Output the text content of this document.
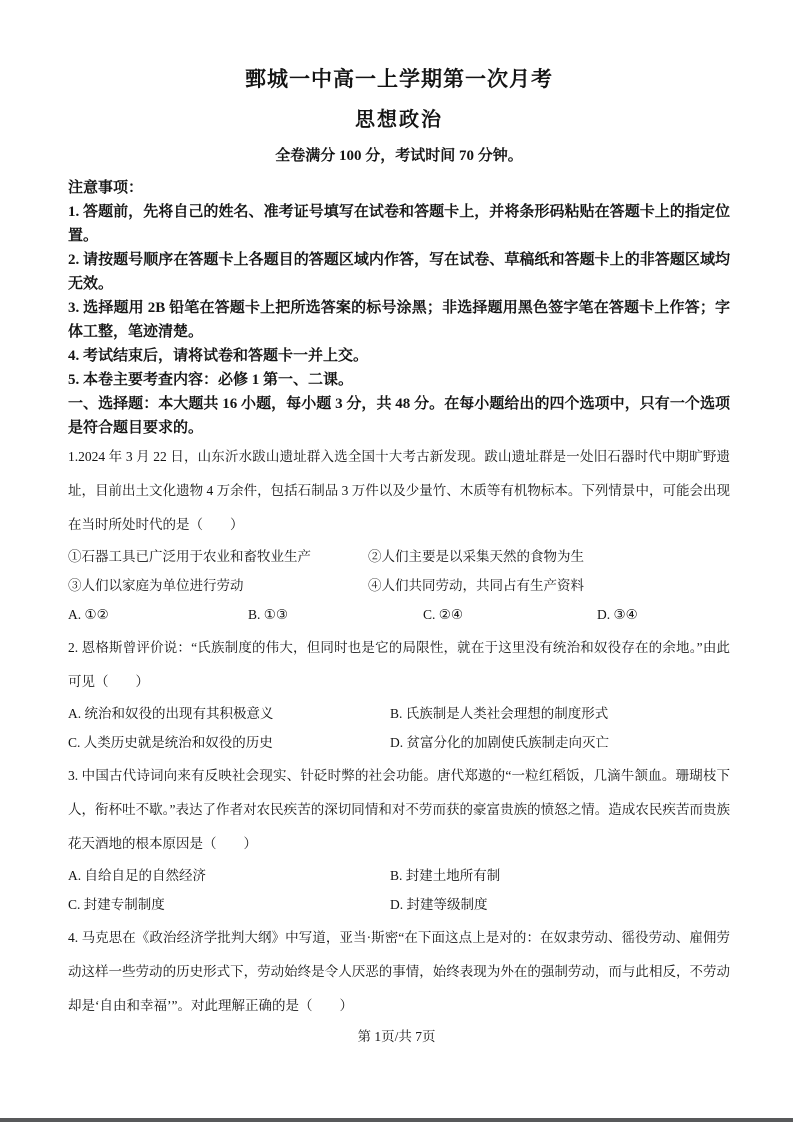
鄄城一中高一上学期第一次月考
思想政治
全卷满分 100 分，考试时间 70 分钟。

注意事项：

1. 答题前，先将自己的姓名、准考证号填写在试卷和答题卡上，并将条形码粘贴在答题卡上的指定位置。

2. 请按题号顺序在答题卡上各题目的答题区域内作答，写在试卷、草稿纸和答题卡上的非答题区域均无效。

3. 选择题用 2B 铅笔在答题卡上把所选答案的标号涂黑；非选择题用黑色签字笔在答题卡上作答；字体工整，笔迹清楚。

4. 考试结束后，请将试卷和答题卡一并上交。

5. 本卷主要考查内容：必修 1 第一、二课。

一、选择题：本大题共 16 小题，每小题 3 分，共 48 分。在每小题给出的四个选项中，只有一个选项是符合题目要求的。

1.2024 年 3 月 22 日，山东沂水跋山遗址群入选全国十大考古新发现。跋山遗址群是一处旧石器时代中期旷野遗址，目前出土文化遗物 4 万余件，包括石制品 3 万件以及少量竹、木质等有机物标本。下列情景中，可能会出现在当时所处时代的是（　　）

①石器工具已广泛用于农业和畜牧业生产	②人们主要是以采集天然的食物为生
③人们以家庭为单位进行劳动	④人们共同劳动，共同占有生产资料
A. ①②	B. ①③	C. ②④	D. ③④

2. 恩格斯曾评价说：“氏族制度的伟大，但同时也是它的局限性，就在于这里没有统治和奴役存在的余地。”由此可见（　　）

A. 统治和奴役的出现有其积极意义	B. 氏族制是人类社会理想的制度形式
C. 人类历史就是统治和奴役的历史	D. 贫富分化的加剧使氏族制走向灭亡

3. 中国古代诗词向来有反映社会现实、针砭时弊的社会功能。唐代郑遨的“一粒红稻饭，几滴牛颔血。珊瑚枝下人，衔杯吐不歇。”表达了作者对农民疾苦的深切同情和对不劳而获的豪富贵族的愤怒之情。造成农民疾苦而贵族花天酒地的根本原因是（　　）

A. 自给自足的自然经济	B. 封建土地所有制
C. 封建专制制度	D. 封建等级制度

4. 马克思在《政治经济学批判大纲》中写道，亚当·斯密“在下面这点上是对的：在奴隶劳动、徭役劳动、雇佣劳动这样一些劳动的历史形式下，劳动始终是令人厌恶的事情，始终表现为外在的强制劳动，而与此相反，不劳动却是‘自由和幸福’”。对此理解正确的是（　　）

第 1页/共 7页
